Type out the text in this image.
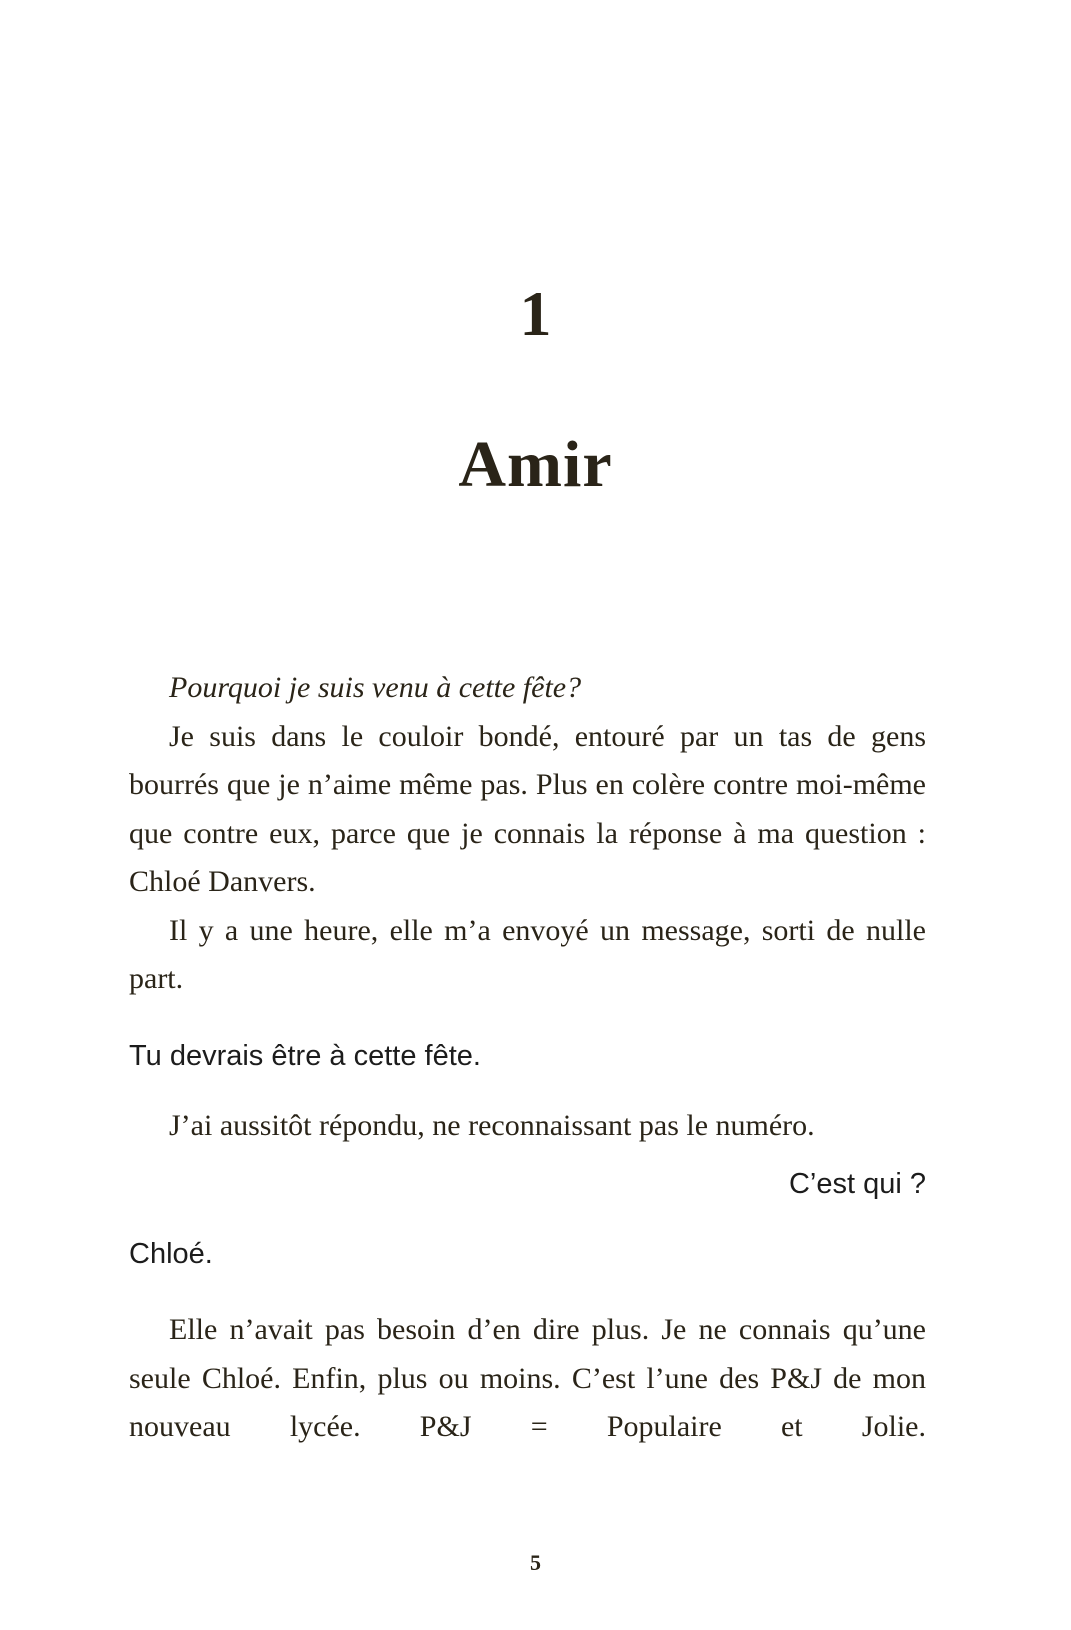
1
Amir

Pourquoi je suis venu à cette fête?

Je suis dans le couloir bondé, entouré par un tas de gens bourrés que je n’aime même pas. Plus en colère contre moi-même que contre eux, parce que je connais la réponse à ma question : Chloé Danvers.

Il y a une heure, elle m’a envoyé un message, sorti de nulle part.

Tu devrais être à cette fête.

J’ai aussitôt répondu, ne reconnaissant pas le numéro.

C’est qui ?

Chloé.

Elle n’avait pas besoin d’en dire plus. Je ne connais qu’une seule Chloé. Enfin, plus ou moins. C’est l’une des P&J de mon nouveau lycée. P&J = Populaire et Jolie.

5
